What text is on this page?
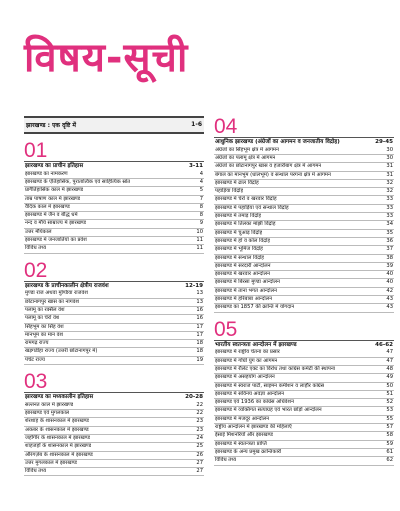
विषय-सूची
झारखण्ड : एक दृष्टि में	1-6
01
झारखण्ड का प्राचीन इतिहास	3-11
झारखण्ड का नामकरण	4
झारखण्ड के ऐतिहासिक, पुरातात्विक एवं साहित्यिक स्रोत	4
प्रागैतिहासिक काल में झारखण्ड	5
ताम्र पाषाण काल में झारखण्ड	7
वैदिक काल में झारखण्ड	8
झारखण्ड में जैन व बौद्ध धर्म	8
नन्द व मौर्य साम्राज्य में झारखण्ड	9
उत्तर मौर्यकाल	10
झारखण्ड में जनजातियों का प्रवेश	11
विविध तथ्य	11
02
झारखण्ड के प्राचीनकालीन क्षेत्रीय राजवंश	12-19
मुण्डा राज अथवा मुण्डिया राजवंश	13
छोटानागपुर खास का नागवंश	13
पलामू का रक्सैल वंश	16
पलामू का चेरो वंश	16
सिंहभूम का सिंह वंश	17
मानभूम का मान वंश	17
रामगढ़ राज्य	18
खड़गडीहा राज्य (उत्तरी छोटानागपुर में)	18
पंचेट राज्य	19
03
झारखण्ड का मध्यकालीन इतिहास	20-28
सल्तनत काल में झारखण्ड	22
झारखण्ड एवं मुगलकाल	22
शेरशाह के शासनकाल में झारखण्ड	23
अकबर के शासनकाल में झारखण्ड	23
जहाँगीर के शासनकाल में झारखण्ड	24
शाहजहाँ के शासनकाल में झारखण्ड	25
औरंगज़ेब के शासनकाल में झारखण्ड	26
उत्तर मुगलकाल में झारखण्ड	27
विविध तथ्य	27
04
आधुनिक झारखण्ड (अंग्रेजों का आगमन व जनजातीय विद्रोह)	29-45
अंग्रेजों का सिंहभूम क्षेत्र में आगमन	30
अंग्रेजों का पलामू क्षेत्र में आगमन	30
अंग्रेजों का छोटानागपुर खास व हजारीबाग क्षेत्र में आगमन	31
बंगाल का मानभूम (धालभूम) व सन्थाल परगना क्षेत्र में आगमन	31
झारखण्ड में ढाल विद्रोह	32
पहाड़िया विद्रोह	32
झारखण्ड में चेरो व खरवार विद्रोह	33
झारखण्ड में पहाड़िया एवं सन्थाल विद्रोह	33
झारखण्ड में तमाड़ विद्रोह	33
झारखण्ड में तिलका मांझी विद्रोह	34
झारखण्ड में चुआड़ विद्रोह	35
झारखण्ड में हो व कोल विद्रोह	36
झारखण्ड में भूमिज विद्रोह	37
झारखण्ड में सन्थाल विद्रोह	38
झारखण्ड में सरदारी आन्दोलन	39
झारखण्ड में खरवार आन्दोलन	40
झारखण्ड में बिरसा मुण्डा आन्दोलन	40
झारखण्ड में ताना भगत आन्दोलन	42
झारखण्ड में हरिबाबा आन्दोलन	43
झारखण्ड का 1857 की क्रान्ति में योगदान	43
05
भारतीय स्वतन्त्रता आन्दोलन में झारखण्ड	46-62
झारखण्ड में राष्ट्रीय चेतना का प्रसार	47
झारखण्ड में गाँधी युग का आगमन	47
झारखण्ड में रौलेट एक्ट का विरोध तथा कांग्रेस कमेटी की स्थापना	48
झारखण्ड में असहयोग आन्दोलन	49
झारखण्ड में स्वराज पार्टी, साइमन कमीशन व लाहौर कांग्रेस	50
झारखण्ड में सविनय अवज्ञा आन्दोलन	51
झारखण्ड एवं 1936 का कांग्रेस अधिवेशन	52
झारखण्ड में व्यक्तिगत सत्याग्रह एवं भारत छोड़ो आन्दोलन	53
झारखण्ड में मजदूर आन्दोलन	55
राष्ट्रीय आन्दोलन में झारखण्ड की महिलाएँ	57
ईसाई मिशनरियाँ और झारखण्ड	58
झारखण्ड में स्वतन्त्रता प्राप्ति	59
झारखण्ड के अन्य प्रमुख क्रान्तिकारी	61
विविध तथ्य	62
